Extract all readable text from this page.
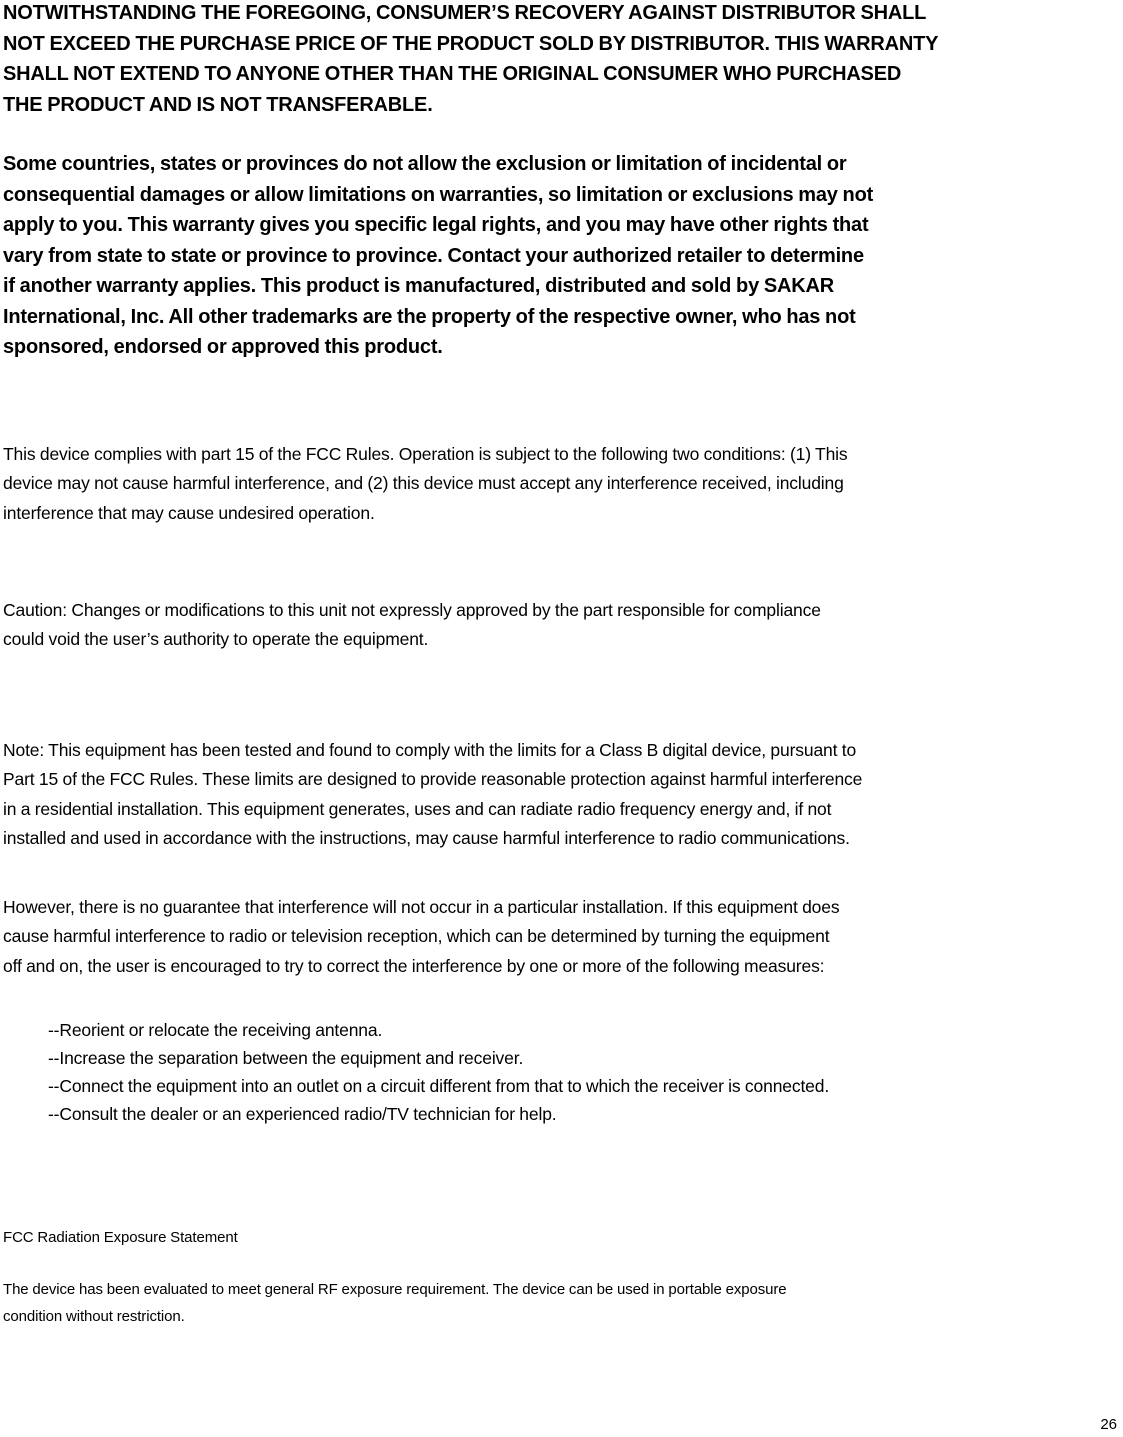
NOTWITHSTANDING THE FOREGOING, CONSUMER’S RECOVERY AGAINST DISTRIBUTOR SHALL
NOT EXCEED THE PURCHASE PRICE OF THE PRODUCT SOLD BY DISTRIBUTOR. THIS WARRANTY
SHALL NOT EXTEND TO ANYONE OTHER THAN THE ORIGINAL CONSUMER WHO PURCHASED
THE PRODUCT AND IS NOT TRANSFERABLE.

Some countries, states or provinces do not allow the exclusion or limitation of incidental or
consequential damages or allow limitations on warranties, so limitation or exclusions may not
apply to you. This warranty gives you specific legal rights, and you may have other rights that
vary from state to state or province to province. Contact your authorized retailer to determine
if another warranty applies. This product is manufactured, distributed and sold by SAKAR
International, Inc. All other trademarks are the property of the respective owner, who has not
sponsored, endorsed or approved this product.

This device complies with part 15 of the FCC Rules. Operation is subject to the following two conditions: (1) This
device may not cause harmful interference, and (2) this device must accept any interference received, including
interference that may cause undesired operation.

Caution: Changes or modifications to this unit not expressly approved by the part responsible for compliance
could void the user’s authority to operate the equipment.

Note: This equipment has been tested and found to comply with the limits for a Class B digital device, pursuant to
Part 15 of the FCC Rules. These limits are designed to provide reasonable protection against harmful interference
in a residential installation. This equipment generates, uses and can radiate radio frequency energy and, if not
installed and used in accordance with the instructions, may cause harmful interference to radio communications.

However, there is no guarantee that interference will not occur in a particular installation. If this equipment does
cause harmful interference to radio or television reception, which can be determined by turning the equipment
off and on, the user is encouraged to try to correct the interference by one or more of the following measures:

--Reorient or relocate the receiving antenna.
--Increase the separation between the equipment and receiver.
--Connect the equipment into an outlet on a circuit different from that to which the receiver is connected.
--Consult the dealer or an experienced radio/TV technician for help.

FCC Radiation Exposure Statement

The device has been evaluated to meet general RF exposure requirement. The device can be used in portable exposure
condition without restriction.

26
